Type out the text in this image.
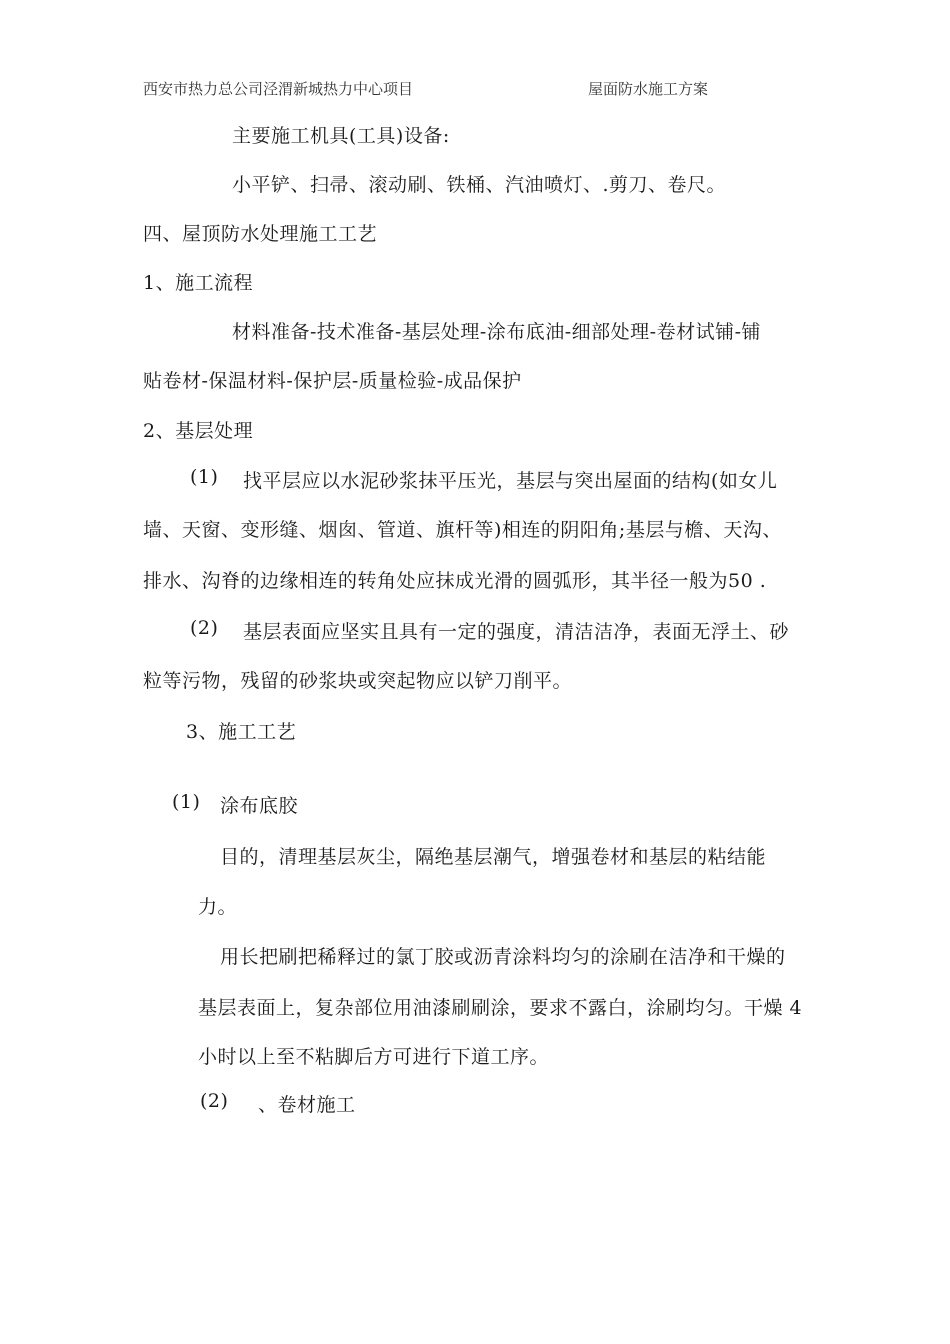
西安市热力总公司泾渭新城热力中心项目	屋面防水施工方案
主要施工机具(工具)设备:
小平铲、扫帚、滚动刷、铁桶、汽油喷灯、.剪刀、卷尺。
四、屋顶防水处理施工工艺
1、施工流程
材料准备-技术准备-基层处理-涂布底油-细部处理-卷材试铺-铺
贴卷材-保温材料-保护层-质量检验-成品保护
2、基层处理
(1) 找平层应以水泥砂浆抹平压光，基层与突出屋面的结构(如女儿
墙、天窗、变形缝、烟囱、管道、旗杆等)相连的阴阳角;基层与檐、天沟、
排水、沟脊的边缘相连的转角处应抹成光滑的圆弧形，其半径一般为50 .
(2) 基层表面应坚实且具有一定的强度，清洁洁净，表面无浮土、砂
粒等污物，残留的砂浆块或突起物应以铲刀削平。
3、施工工艺
(1) 涂布底胶
目的，清理基层灰尘，隔绝基层潮气，增强卷材和基层的粘结能
力。
用长把刷把稀释过的氯丁胶或沥青涂料均匀的涂刷在洁净和干燥的
基层表面上，复杂部位用油漆刷刷涂，要求不露白，涂刷均匀。干燥 4
小时以上至不粘脚后方可进行下道工序。
(2) 、卷材施工
